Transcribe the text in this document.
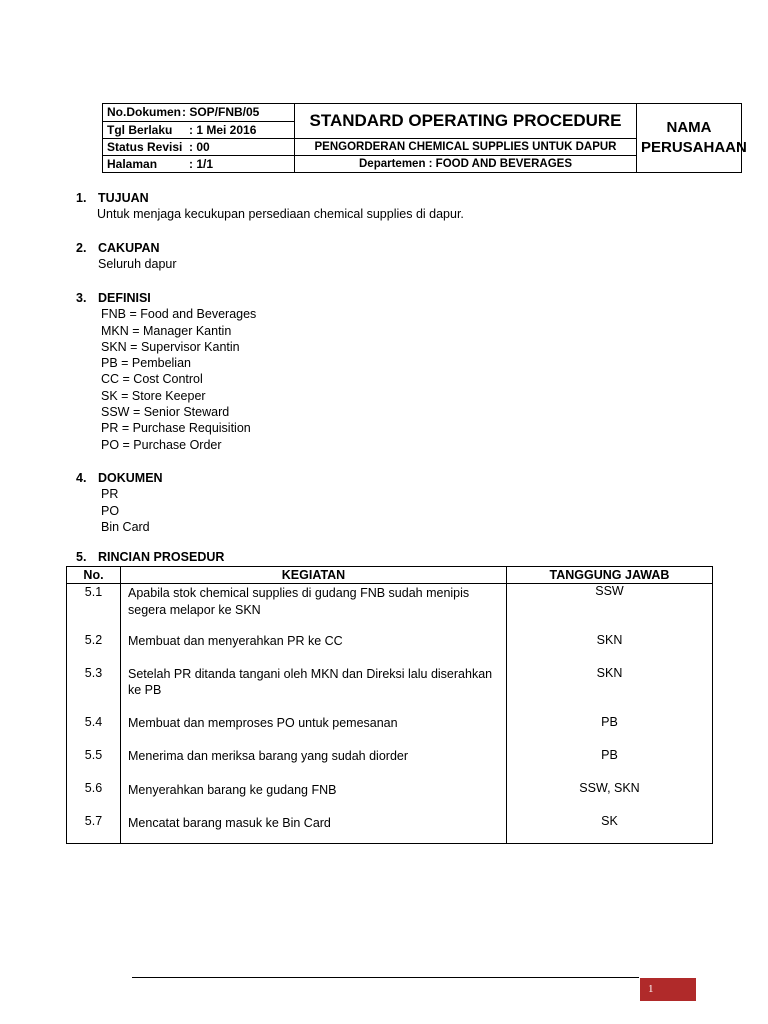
No.Dokumen: SOP/FNB/05	STANDARD OPERATING PROCEDURE	NAMA
PERUSAHAAN

Tgl Berlaku : 1 Mei 2016		
Status Revisi : 00	PENGORDERAN CHEMICAL SUPPLIES UNTUK DAPUR	
Halaman : 1/1	Departemen : FOOD AND BEVERAGES	
1. TUJUAN
Untuk menjaga kecukupan persediaan chemical supplies di dapur.
2. CAKUPAN
Seluruh dapur
3. DEFINISI
FNB = Food and Beverages
MKN = Manager Kantin
SKN = Supervisor Kantin
PB = Pembelian
CC = Cost Control
SK = Store Keeper
SSW = Senior Steward
PR = Purchase Requisition
PO = Purchase Order
4. DOKUMEN
PR
PO
Bin Card
5. RINCIAN PROSEDUR
No.	KEGIATAN	TANGGUNG JAWAB
5.1	Apabila stok chemical supplies di gudang FNB sudah menipis segera melapor ke SKN	SSW
5.2	Membuat dan menyerahkan PR ke CC	SKN
5.3	Setelah PR ditanda tangani oleh MKN dan Direksi lalu diserahkan ke PB	SKN
5.4	Membuat dan memproses PO untuk pemesanan	PB
5.5	Menerima dan meriksa barang yang sudah diorder	PB
5.6	Menyerahkan barang ke gudang FNB	SSW, SKN
5.7	Mencatat barang masuk ke Bin Card	SK
1
